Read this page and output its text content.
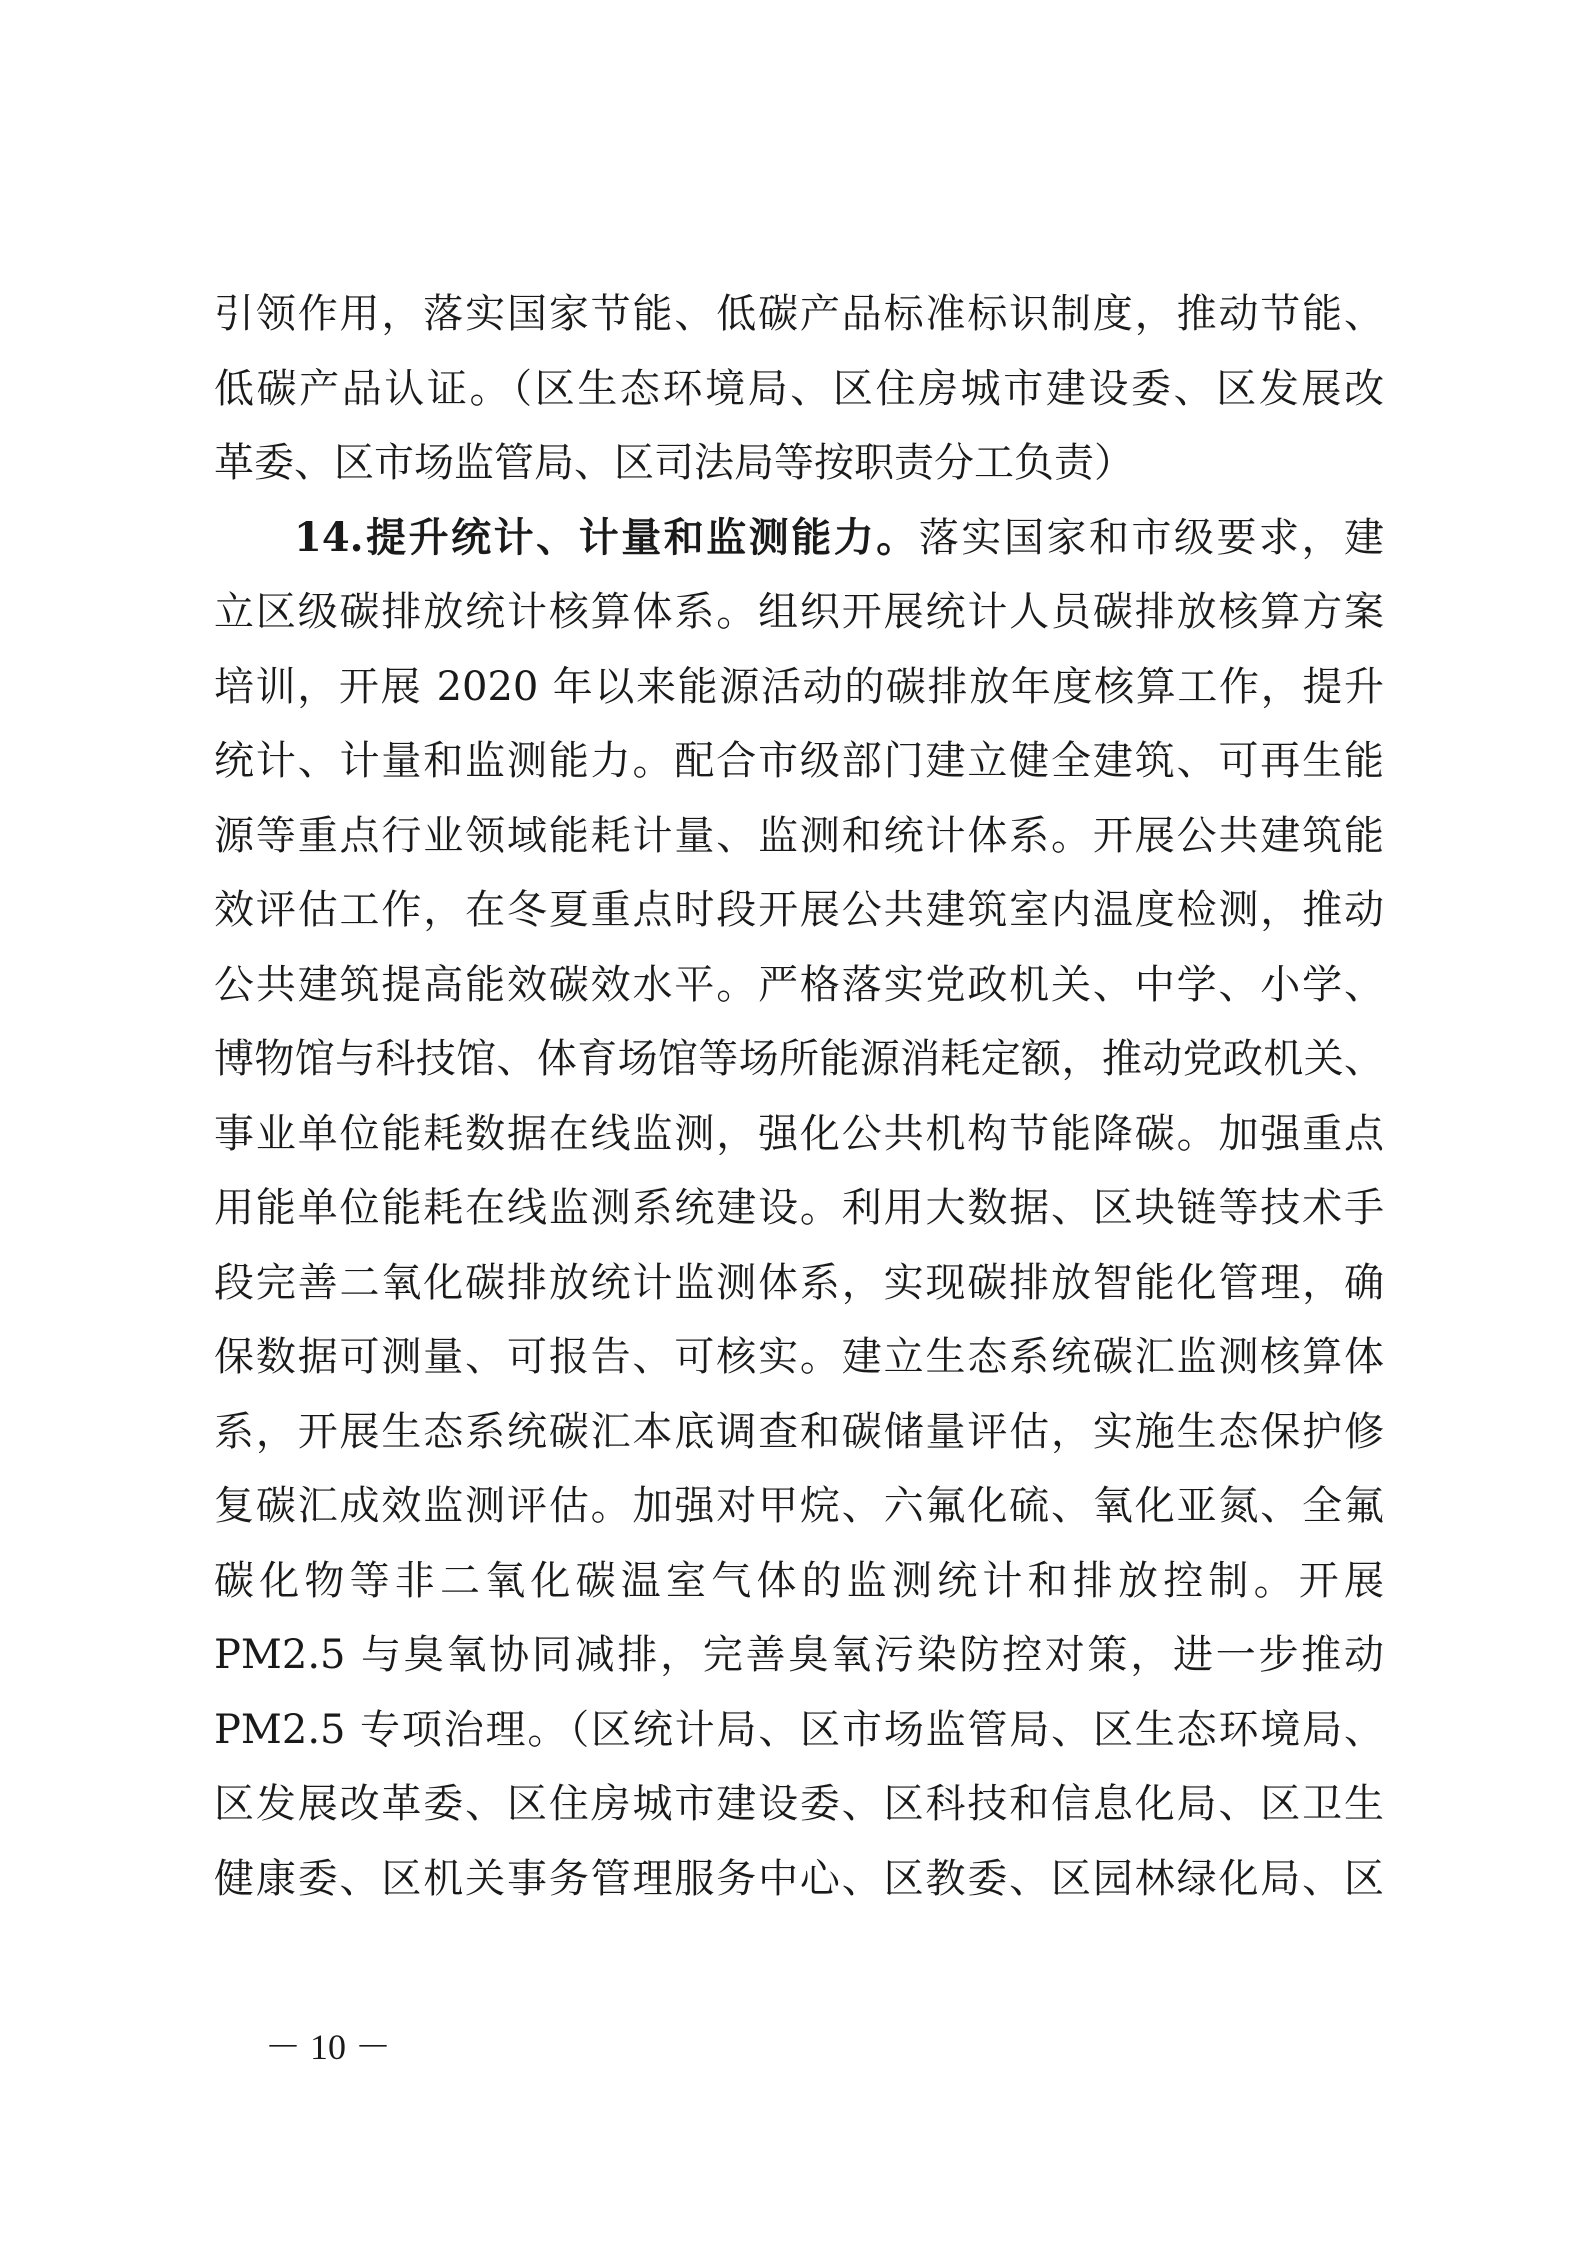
引领作用，落实国家节能、低碳产品标准标识制度，推动节能、
低碳产品认证。（区生态环境局、区住房城市建设委、区发展改
革委、区市场监管局、区司法局等按职责分工负责）
14.提升统计、计量和监测能力。落实国家和市级要求，建
立区级碳排放统计核算体系。组织开展统计人员碳排放核算方案
培训，开展 2020 年以来能源活动的碳排放年度核算工作，提升
统计、计量和监测能力。配合市级部门建立健全建筑、可再生能
源等重点行业领域能耗计量、监测和统计体系。开展公共建筑能
效评估工作，在冬夏重点时段开展公共建筑室内温度检测，推动
公共建筑提高能效碳效水平。严格落实党政机关、中学、小学、
博物馆与科技馆、体育场馆等场所能源消耗定额，推动党政机关、
事业单位能耗数据在线监测，强化公共机构节能降碳。加强重点
用能单位能耗在线监测系统建设。利用大数据、区块链等技术手
段完善二氧化碳排放统计监测体系，实现碳排放智能化管理，确
保数据可测量、可报告、可核实。建立生态系统碳汇监测核算体
系，开展生态系统碳汇本底调查和碳储量评估，实施生态保护修
复碳汇成效监测评估。加强对甲烷、六氟化硫、氧化亚氮、全氟
碳化物等非二氧化碳温室气体的监测统计和排放控制。开展
PM2.5 与臭氧协同减排，完善臭氧污染防控对策，进一步推动
PM2.5 专项治理。（区统计局、区市场监管局、区生态环境局、
区发展改革委、区住房城市建设委、区科技和信息化局、区卫生
健康委、区机关事务管理服务中心、区教委、区园林绿化局、区
－ 10 －
